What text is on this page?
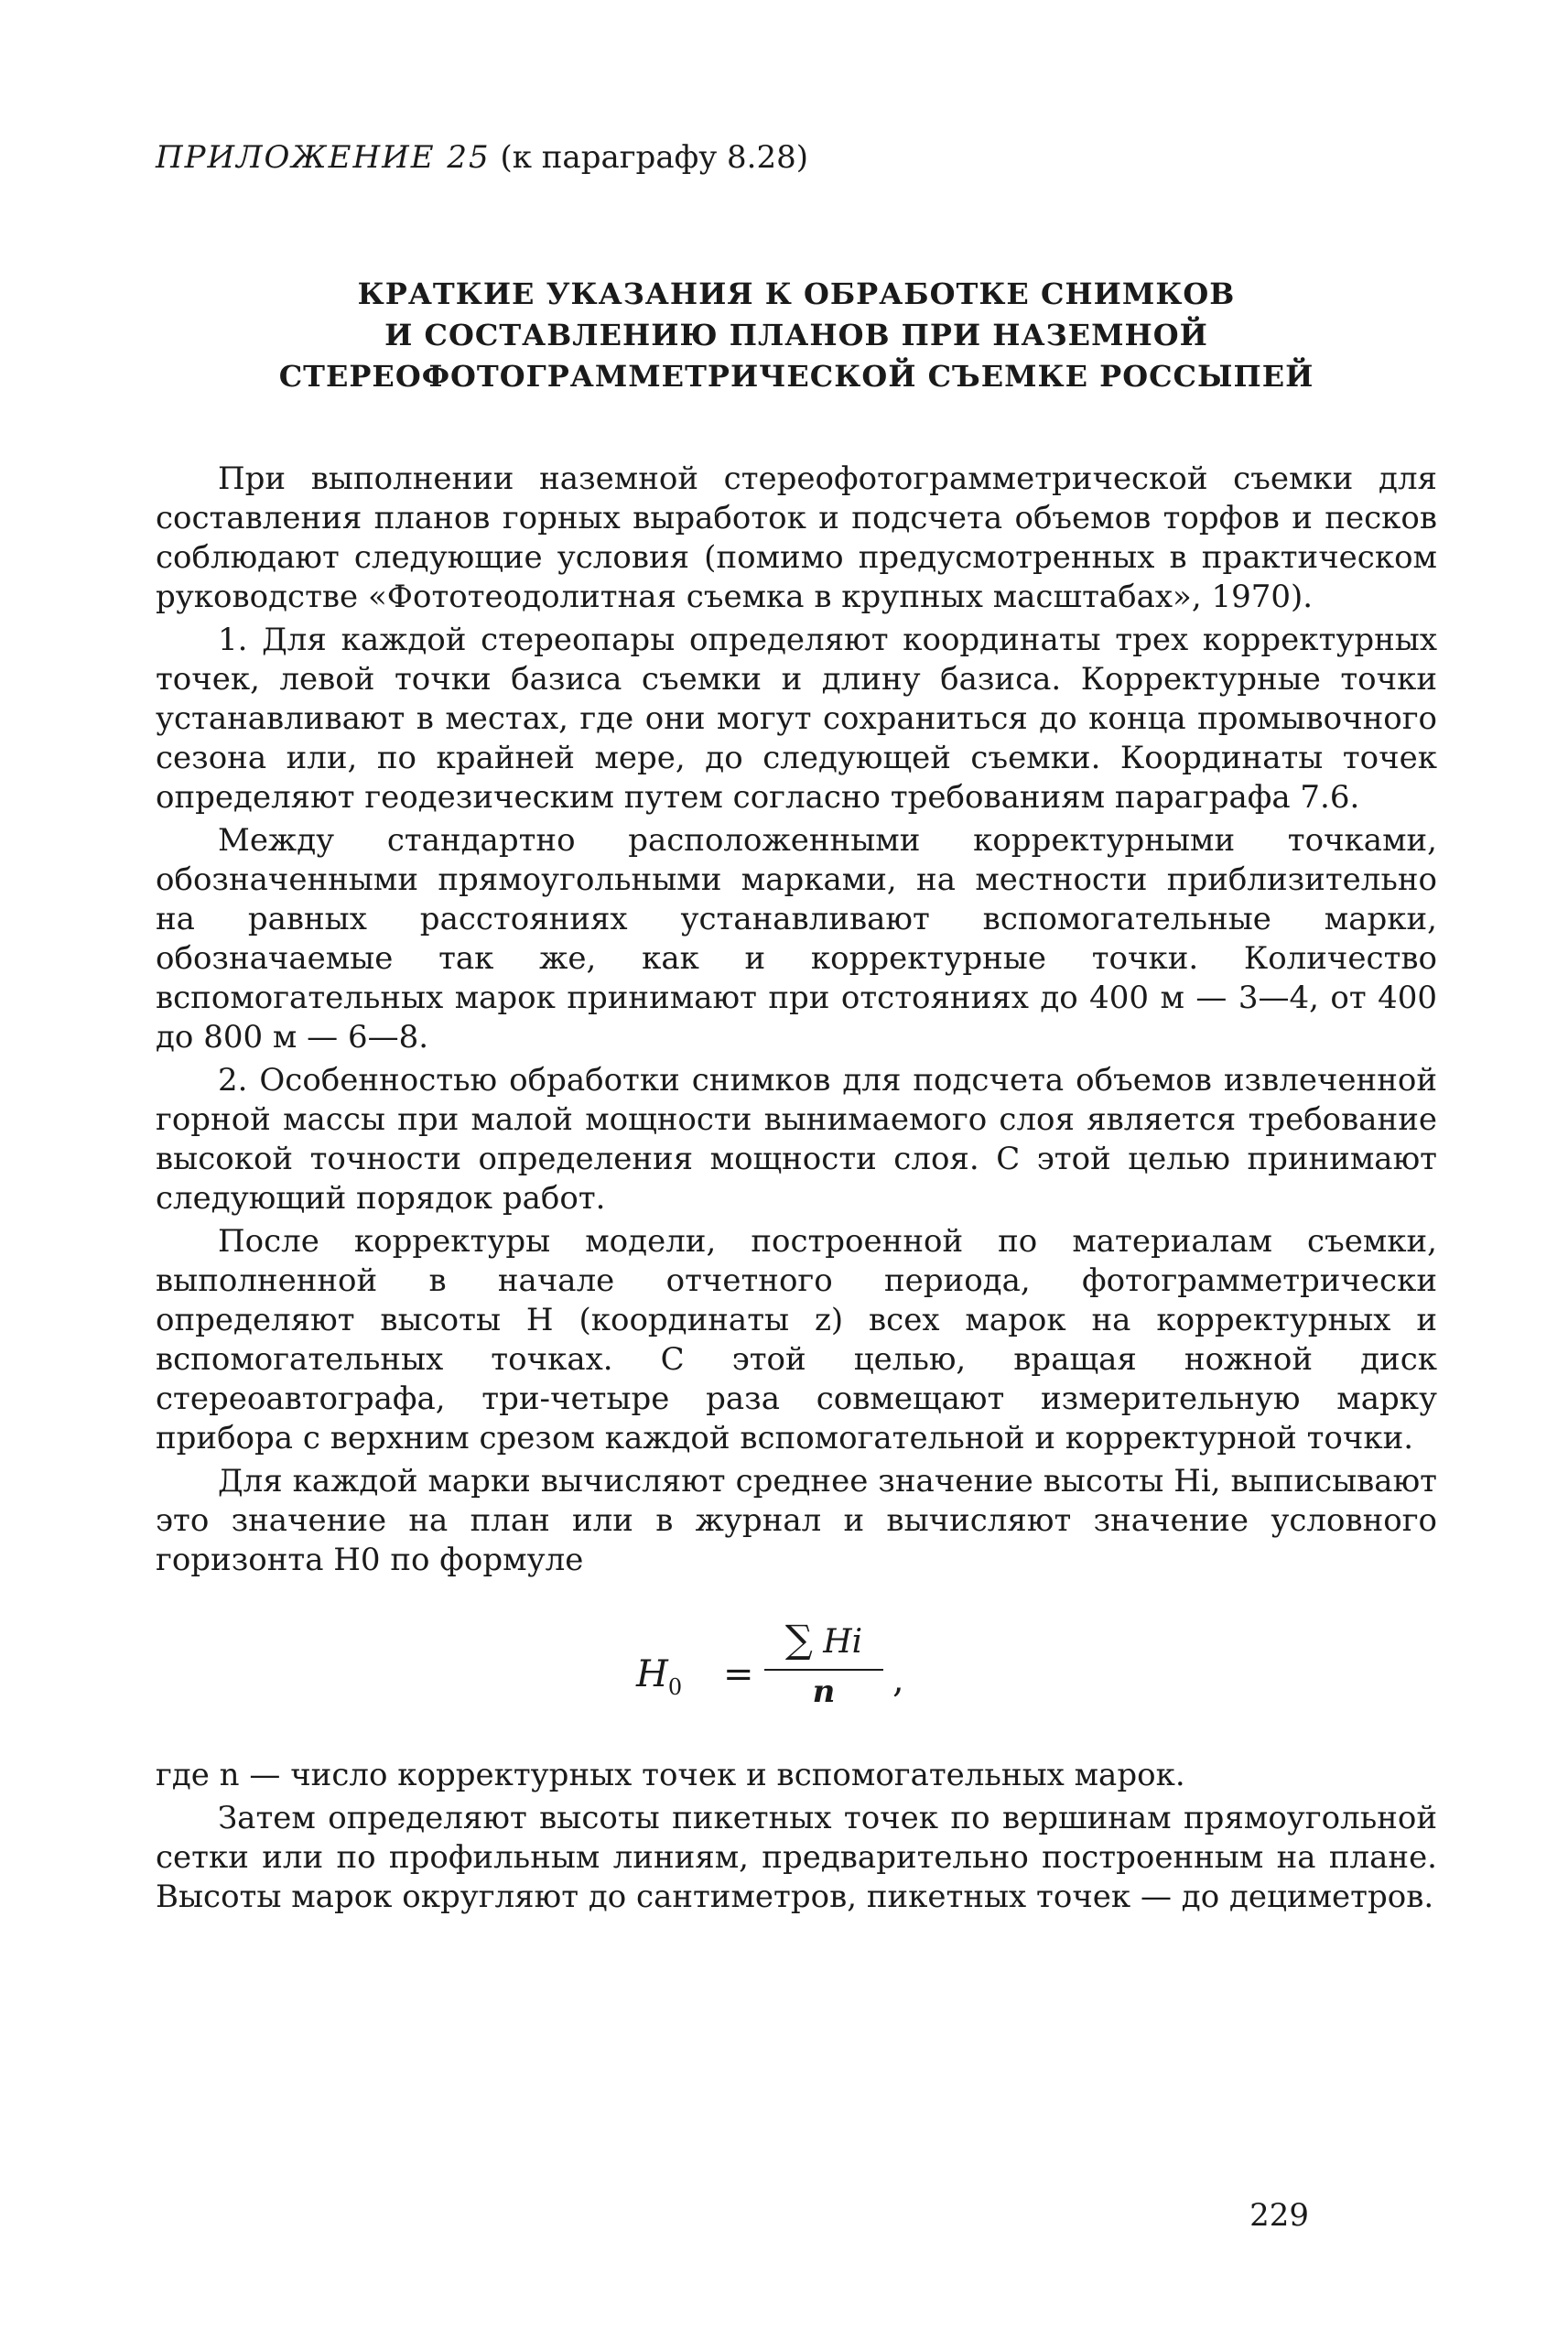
ПРИЛОЖЕНИЕ 25 (к параграфу 8.28)

КРАТКИЕ УКАЗАНИЯ К ОБРАБОТКЕ СНИМКОВ
И СОСТАВЛЕНИЮ ПЛАНОВ ПРИ НАЗЕМНОЙ
СТЕРЕОФОТОГРАММЕТРИЧЕСКОЙ СЪЕМКЕ РОССЫПЕЙ

При выполнении наземной стереофотограмметрической съемки для составления планов горных выработок и подсчета объемов торфов и песков соблюдают следующие условия (помимо предусмотренных в практическом руководстве «Фототеодолитная съемка в крупных масштабах», 1970).

1. Для каждой стереопары определяют координаты трех корректурных точек, левой точки базиса съемки и длину базиса. Корректурные точки устанавливают в местах, где они могут сохраниться до конца промывочного сезона или, по крайней мере, до следующей съемки. Координаты точек определяют геодезическим путем согласно требованиям параграфа 7.6.

Между стандартно расположенными корректурными точками, обозначенными прямоугольными марками, на местности приблизительно на равных расстояниях устанавливают вспомогательные марки, обозначаемые так же, как и корректурные точки. Количество вспомогательных марок принимают при отстояниях до 400 м — 3—4, от 400 до 800 м — 6—8.

2. Особенностью обработки снимков для подсчета объемов извлеченной горной массы при малой мощности вынимаемого слоя является требование высокой точности определения мощности слоя. С этой целью принимают следующий порядок работ.

После корректуры модели, построенной по материалам съемки, выполненной в начале отчетного периода, фотограмметрически определяют высоты H (координаты z) всех марок на корректурных и вспомогательных точках. С этой целью, вращая ножной диск стереоавтографа, три-четыре раза совмещают измерительную марку прибора с верхним срезом каждой вспомогательной и корректурной точки.

Для каждой марки вычисляют среднее значение высоты Hi, выписывают это значение на план или в журнал и вычисляют значение условного горизонта H0 по формуле

$H_0 = \frac{\sum Hi}{n}$ ,

где n — число корректурных точек и вспомогательных марок.

Затем определяют высоты пикетных точек по вершинам прямоугольной сетки или по профильным линиям, предварительно построенным на плане. Высоты марок округляют до сантиметров, пикетных точек — до дециметров.

229
